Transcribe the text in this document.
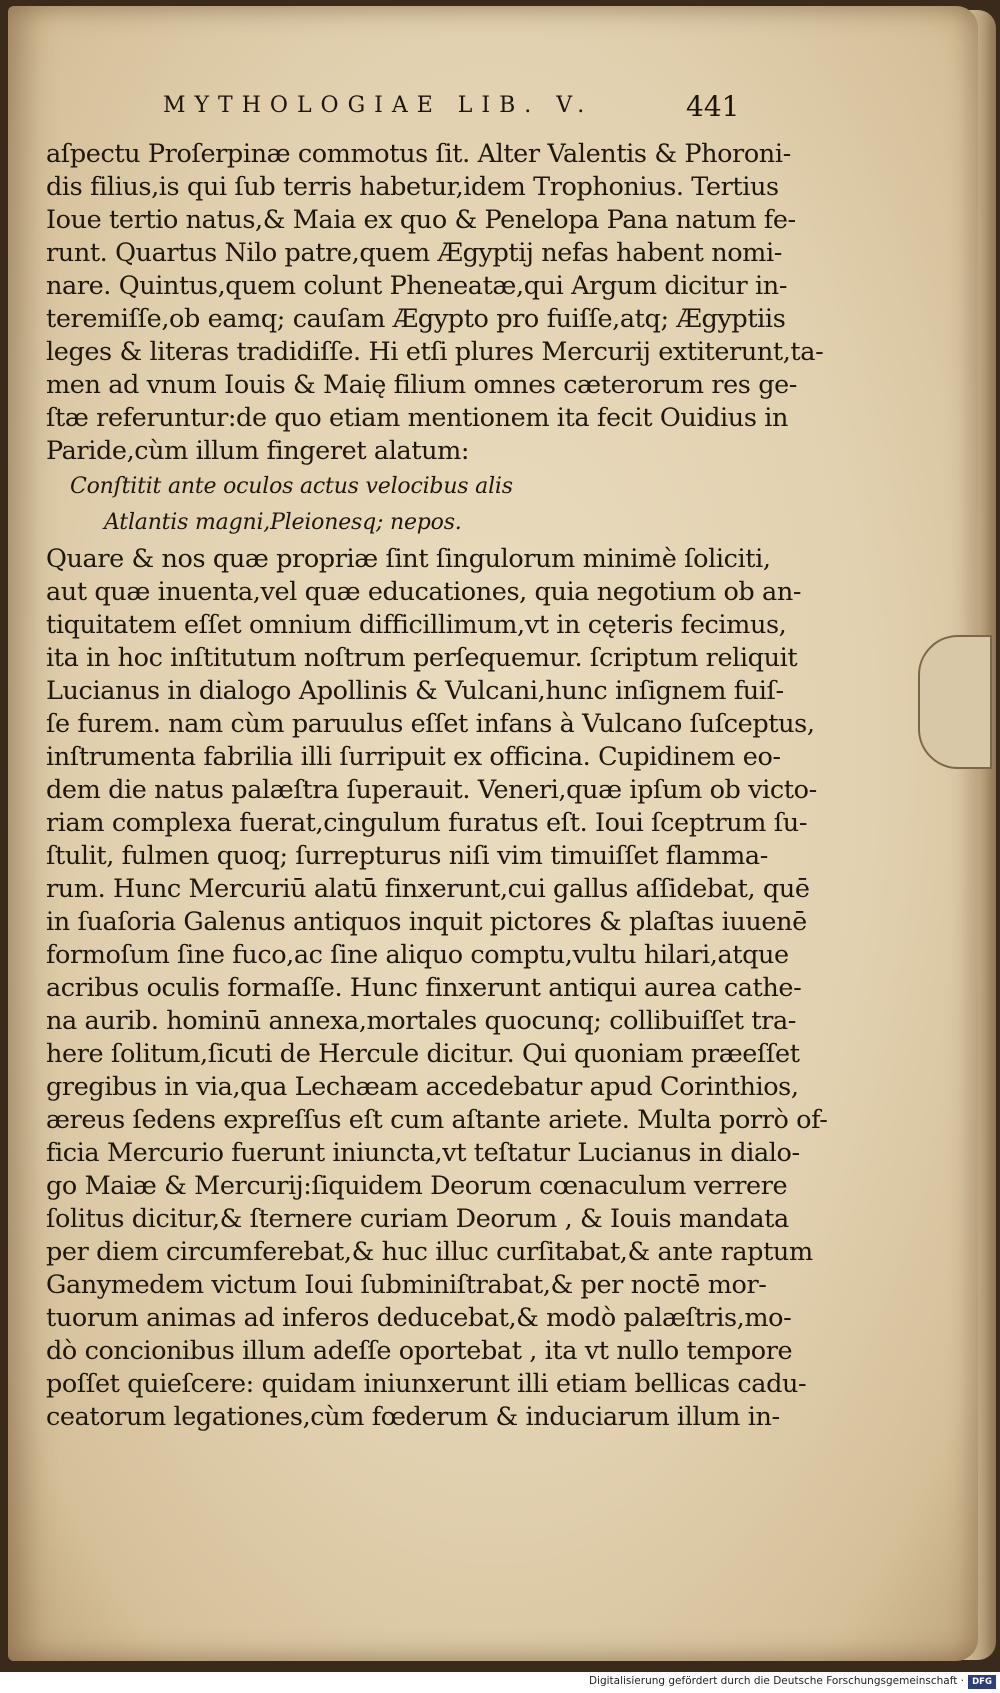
MYTHOLOGIAE LIB. V.	441
aſpectu Proſerpinæ commotus ſit. Alter Valentis & Phoroni-
dis filius,is qui ſub terris habetur,idem Trophonius. Tertius
Ioue tertio natus,& Maia ex quo & Penelopa Pana natum fe-
runt. Quartus Nilo patre,quem Ægyptij nefas habent nomi-
nare. Quintus,quem colunt Pheneatæ,qui Argum dicitur in-
teremiſſe,ob eamq; cauſam Ægypto pro fuiſſe,atq; Ægyptiis
leges & literas tradidiſſe. Hi etſi plures Mercurij extiterunt,ta-
men ad vnum Iouis & Maię filium omnes cæterorum res ge-
ſtæ referuntur:de quo etiam mentionem ita fecit Ouidius in
Paride,cùm illum fingeret alatum:
Conſtitit ante oculos actus velocibus alis
Atlantis magni,Pleionesq; nepos.
Quare & nos quæ propriæ ſint ſingulorum minimè ſoliciti,
aut quæ inuenta,vel quæ educationes, quia negotium ob an-
tiquitatem eſſet omnium difficillimum,vt in cęteris fecimus,
ita in hoc inſtitutum noſtrum perſequemur. ſcriptum reliquit
Lucianus in dialogo Apollinis & Vulcani,hunc inſignem fuiſ-
ſe furem. nam cùm paruulus eſſet infans à Vulcano ſuſceptus,
inſtrumenta fabrilia illi ſurripuit ex officina. Cupidinem eo-
dem die natus palæſtra ſuperauit. Veneri,quæ ipſum ob victo-
riam complexa fuerat,cingulum furatus eſt. Ioui ſceptrum ſu-
ſtulit, fulmen quoq; ſurrepturus niſi vim timuiſſet flamma-
rum. Hunc Mercuriū alatū finxerunt,cui gallus aſſidebat, quē
in ſuaſoria Galenus antiquos inquit pictores & plaſtas iuuenē
formoſum ſine fuco,ac ſine aliquo comptu,vultu hilari,atque
acribus oculis formaſſe. Hunc finxerunt antiqui aurea cathe-
na aurib. hominū annexa,mortales quocunq; collibuiſſet tra-
here ſolitum,ſicuti de Hercule dicitur. Qui quoniam præeſſet
gregibus in via,qua Lechæam accedebatur apud Corinthios,
æreus ſedens expreſſus eſt cum aſtante ariete. Multa porrò of-
ficia Mercurio fuerunt iniuncta,vt teſtatur Lucianus in dialo-
go Maiæ & Mercurij:ſiquidem Deorum cœnaculum verrere
ſolitus dicitur,& ſternere curiam Deorum , & Iouis mandata
per diem circumferebat,& huc illuc curſitabat,& ante raptum
Ganymedem victum Ioui ſubminiſtrabat,& per noctē mor-
tuorum animas ad inferos deducebat,& modò palæſtris,mo-
dò concionibus illum adeſſe oportebat , ita vt nullo tempore
poſſet quieſcere: quidam iniunxerunt illi etiam bellicas cadu-
ceatorum legationes,cùm fœderum & induciarum illum in-
Digitalisierung gefördert durch die Deutsche Forschungsgemeinschaft · DFG
